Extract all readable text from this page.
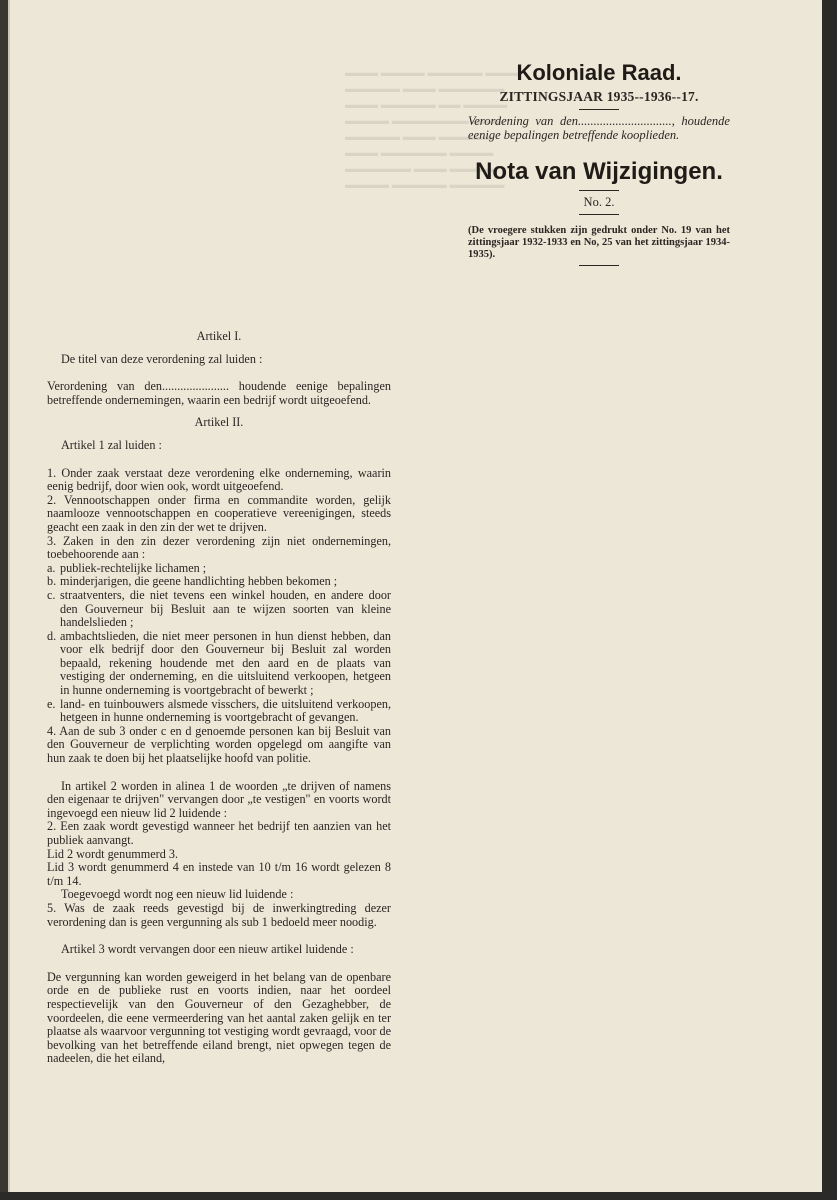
▬▬▬ ▬▬▬▬ ▬▬▬▬▬ ▬▬▬
▬▬▬▬▬ ▬▬▬ ▬▬▬▬▬▬
▬▬▬ ▬▬▬▬▬ ▬▬ ▬▬▬▬
▬▬▬▬ ▬▬▬▬▬▬▬ ▬▬▬
▬▬▬▬▬ ▬▬▬ ▬▬▬▬▬
▬▬▬ ▬▬▬▬▬▬ ▬▬▬▬
▬▬▬▬▬▬ ▬▬▬ ▬▬▬▬
▬▬▬▬ ▬▬▬▬▬ ▬▬▬▬▬
Koloniale Raad.
ZITTINGSJAAR 1935--1936--17.
Verordening van den.............................., houdende eenige bepalingen betreffende kooplieden.
Nota van Wijzigingen.
No. 2.
(De vroegere stukken zijn gedrukt onder No. 19 van het zittingsjaar 1932-1933 en No, 25 van het zittingsjaar 1934-1935).
Artikel I.

De titel van deze verordening zal luiden :

Verordening van den...................... houdende eenige bepalingen betreffende ondernemingen, waarin een bedrijf wordt uitgeoefend.

Artikel II.

Artikel 1 zal luiden :

1. Onder zaak verstaat deze verordening elke onderneming, waarin eenig bedrijf, door wien ook, wordt uitgeoefend.

2. Vennootschappen onder firma en commandite worden, gelijk naamlooze vennootschappen en cooperatieve vereenigingen, steeds geacht een zaak in den zin der wet te drijven.

3. Zaken in den zin dezer verordening zijn niet ondernemingen, toebehoorende aan :

a. publiek-rechtelijke lichamen ;
b. minderjarigen, die geene handlichting hebben bekomen ;
c. straatventers, die niet tevens een winkel houden, en andere door den Gouverneur bij Besluit aan te wijzen soorten van kleine handelslieden ;
d. ambachtslieden, die niet meer personen in hun dienst hebben, dan voor elk bedrijf door den Gouverneur bij Besluit zal worden bepaald, rekening houdende met den aard en de plaats van vestiging der onderneming, en die uitsluitend verkoopen, hetgeen in hunne onderneming is voortgebracht of bewerkt ;
e. land- en tuinbouwers alsmede visschers, die uitsluitend verkoopen, hetgeen in hunne onderneming is voortgebracht of gevangen.

4. Aan de sub 3 onder c en d genoemde personen kan bij Besluit van den Gouverneur de verplichting worden opgelegd om aangifte van hun zaak te doen bij het plaatselijke hoofd van politie.

In artikel 2 worden in alinea 1 de woorden „te drijven of namens den eigenaar te drijven" vervangen door „te vestigen" en voorts wordt ingevoegd een nieuw lid 2 luidende :

2. Een zaak wordt gevestigd wanneer het bedrijf ten aanzien van het publiek aanvangt.

Lid 2 wordt genummerd 3.

Lid 3 wordt genummerd 4 en instede van 10 t/m 16 wordt gelezen 8 t/m 14.

Toegevoegd wordt nog een nieuw lid luidende :

5. Was de zaak reeds gevestigd bij de inwerkingtreding dezer verordening dan is geen vergunning als sub 1 bedoeld meer noodig.

Artikel 3 wordt vervangen door een nieuw artikel luidende :

De vergunning kan worden geweigerd in het belang van de openbare orde en de publieke rust en voorts indien, naar het oordeel respectievelijk van den Gouverneur of den Gezaghebber, de voordeelen, die eene vermeerdering van het aantal zaken gelijk en ter plaatse als waarvoor vergunning tot vestiging wordt gevraagd, voor de bevolking van het betreffende eiland brengt, niet opwegen tegen de nadeelen, die het eiland,
